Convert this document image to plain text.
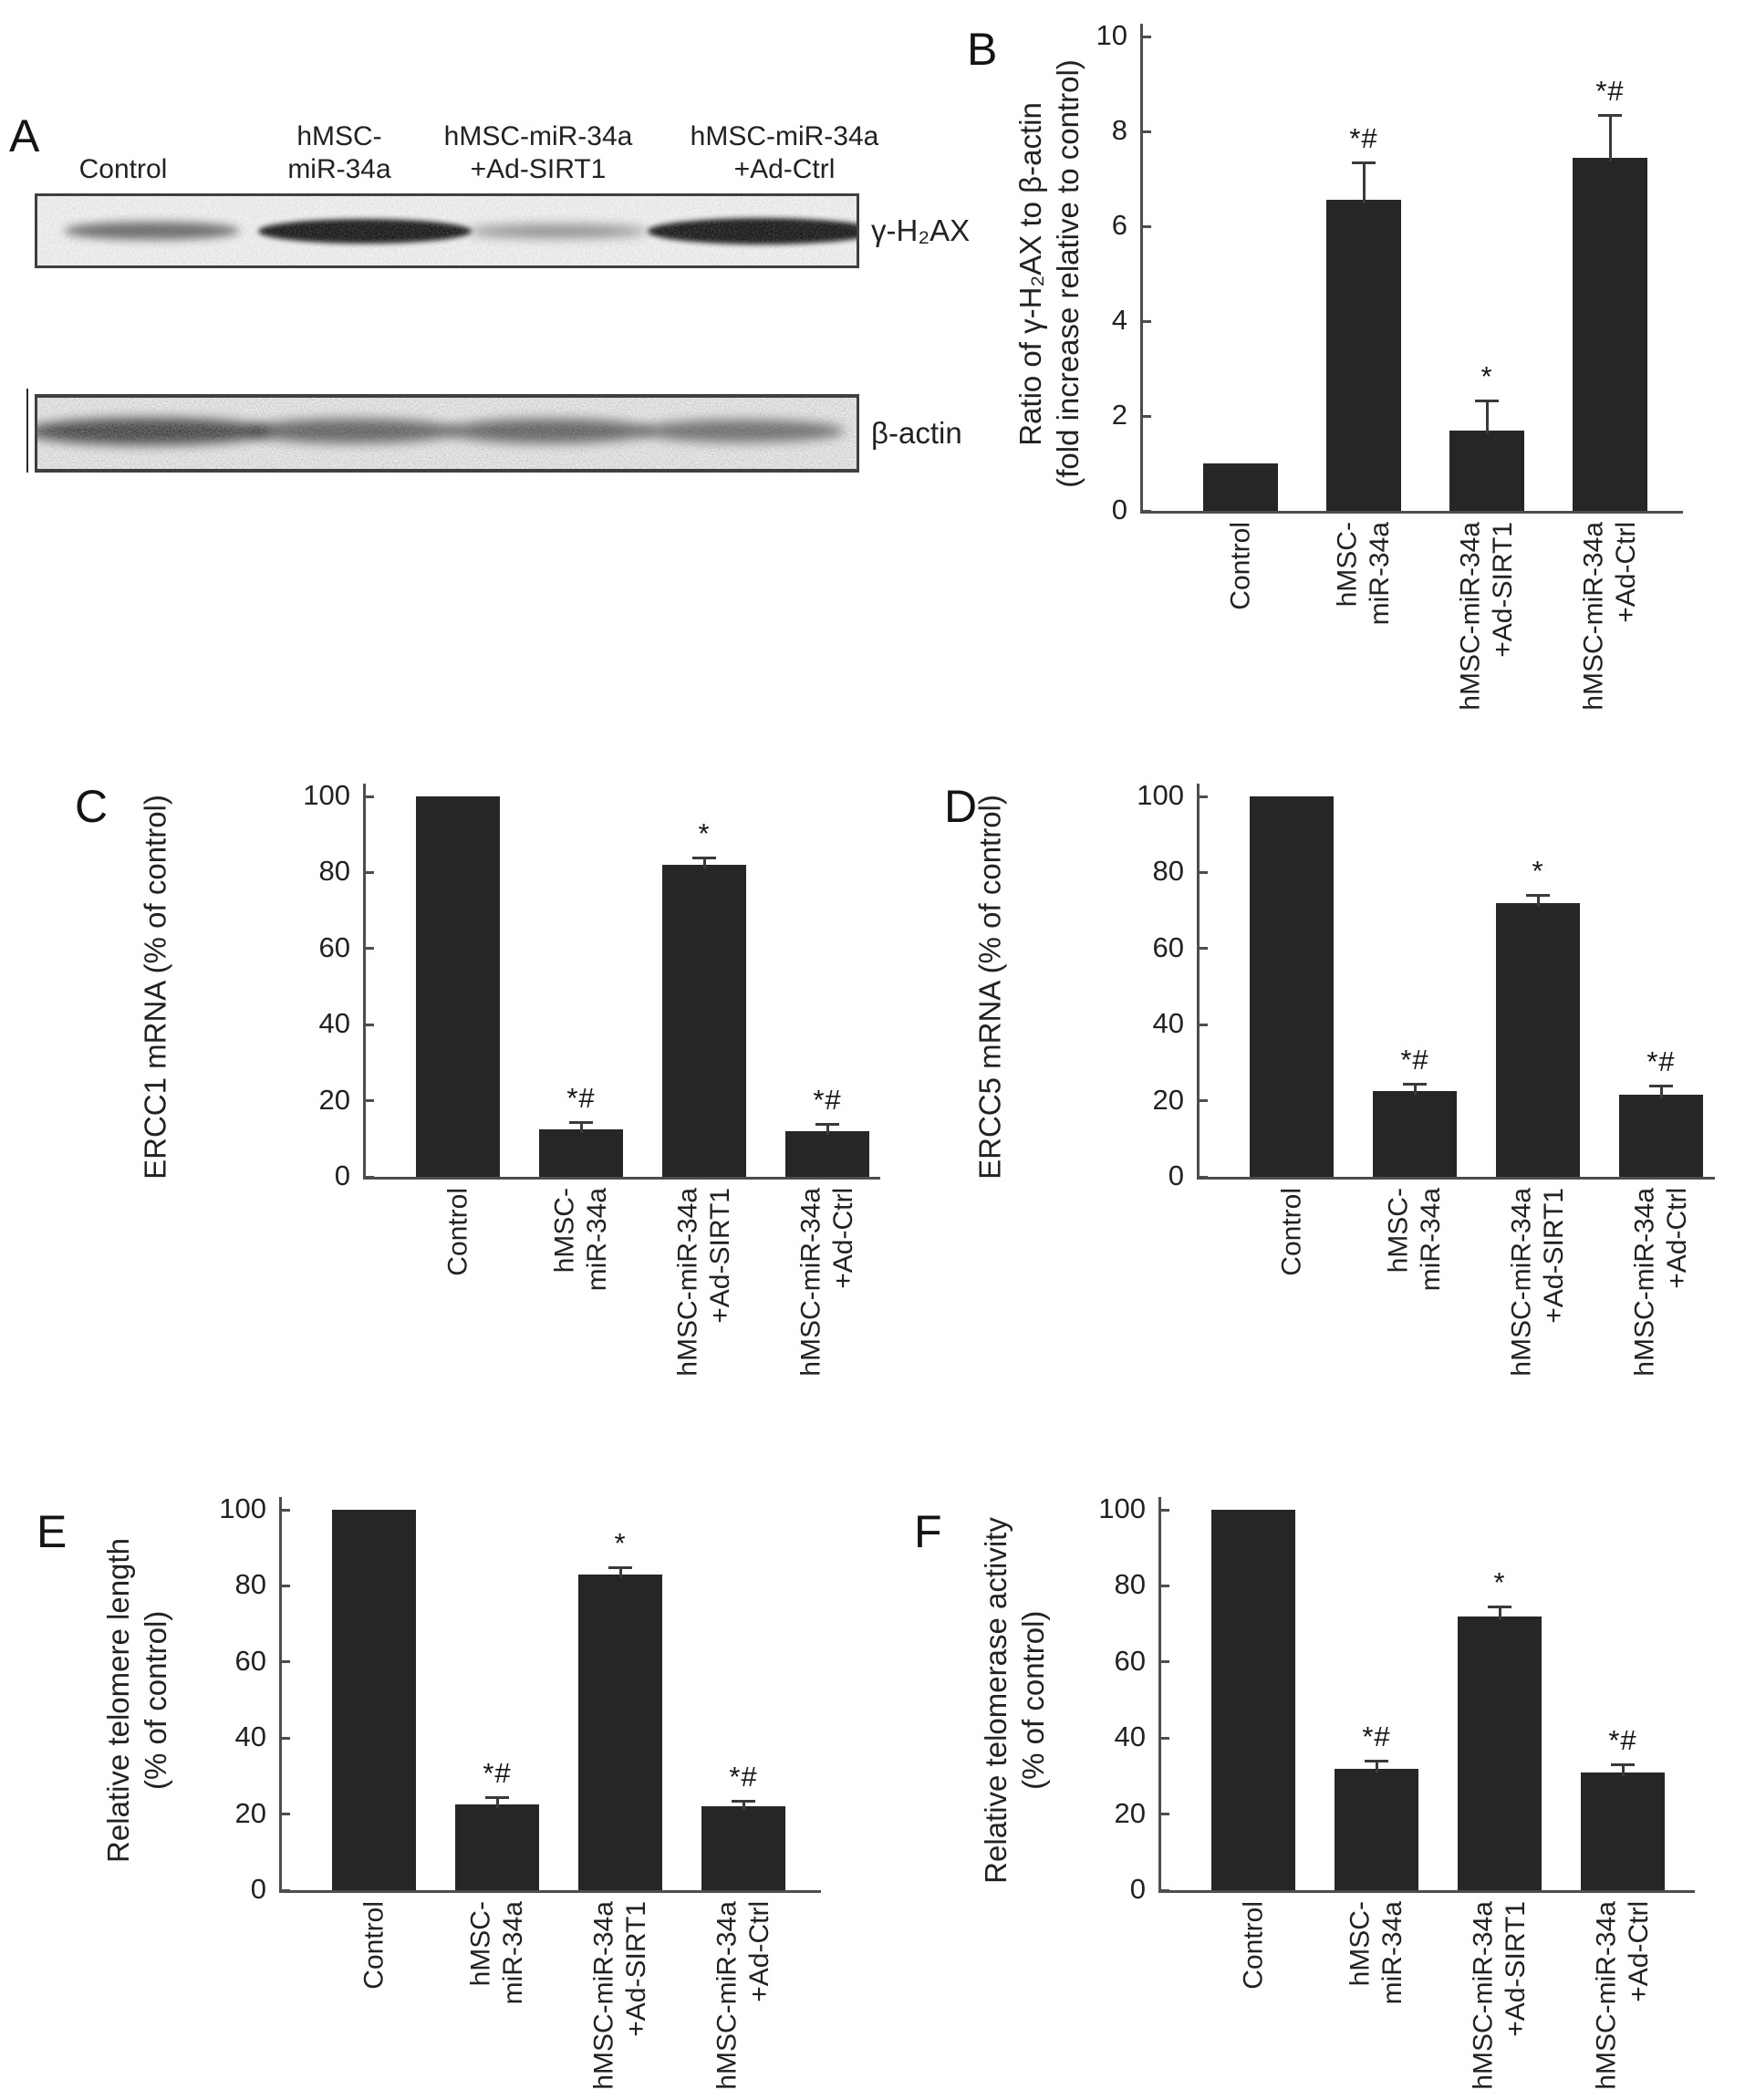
A
Control
hMSC-
miR-34a
hMSC-miR-34a
+Ad-SIRT1
hMSC-miR-34a
+Ad-Ctrl
γ-H₂AX
β-actin
B
0
2
4
6
8
10
Ratio of γ-H₂AX to β-actin (fold increase relative to control)
Control
*#
hMSC-
miR-34a
*
hMSC-miR-34a
+Ad-SIRT1
*#
hMSC-miR-34a
+Ad-Ctrl
C
0
20
40
60
80
100
ERCC1 mRNA (% of control)
Control
*#
hMSC-
miR-34a
*
hMSC-miR-34a
+Ad-SIRT1
*#
hMSC-miR-34a
+Ad-Ctrl
D
0
20
40
60
80
100
ERCC5 mRNA (% of control)
Control
*#
hMSC-
miR-34a
*
hMSC-miR-34a
+Ad-SIRT1
*#
hMSC-miR-34a
+Ad-Ctrl
E
0
20
40
60
80
100
Relative telomere length (% of control)
Control
*#
hMSC-
miR-34a
*
hMSC-miR-34a
+Ad-SIRT1
*#
hMSC-miR-34a
+Ad-Ctrl
F
0
20
40
60
80
100
Relative telomerase activity (% of control)
Control
*#
hMSC-
miR-34a
*
hMSC-miR-34a
+Ad-SIRT1
*#
hMSC-miR-34a
+Ad-Ctrl
